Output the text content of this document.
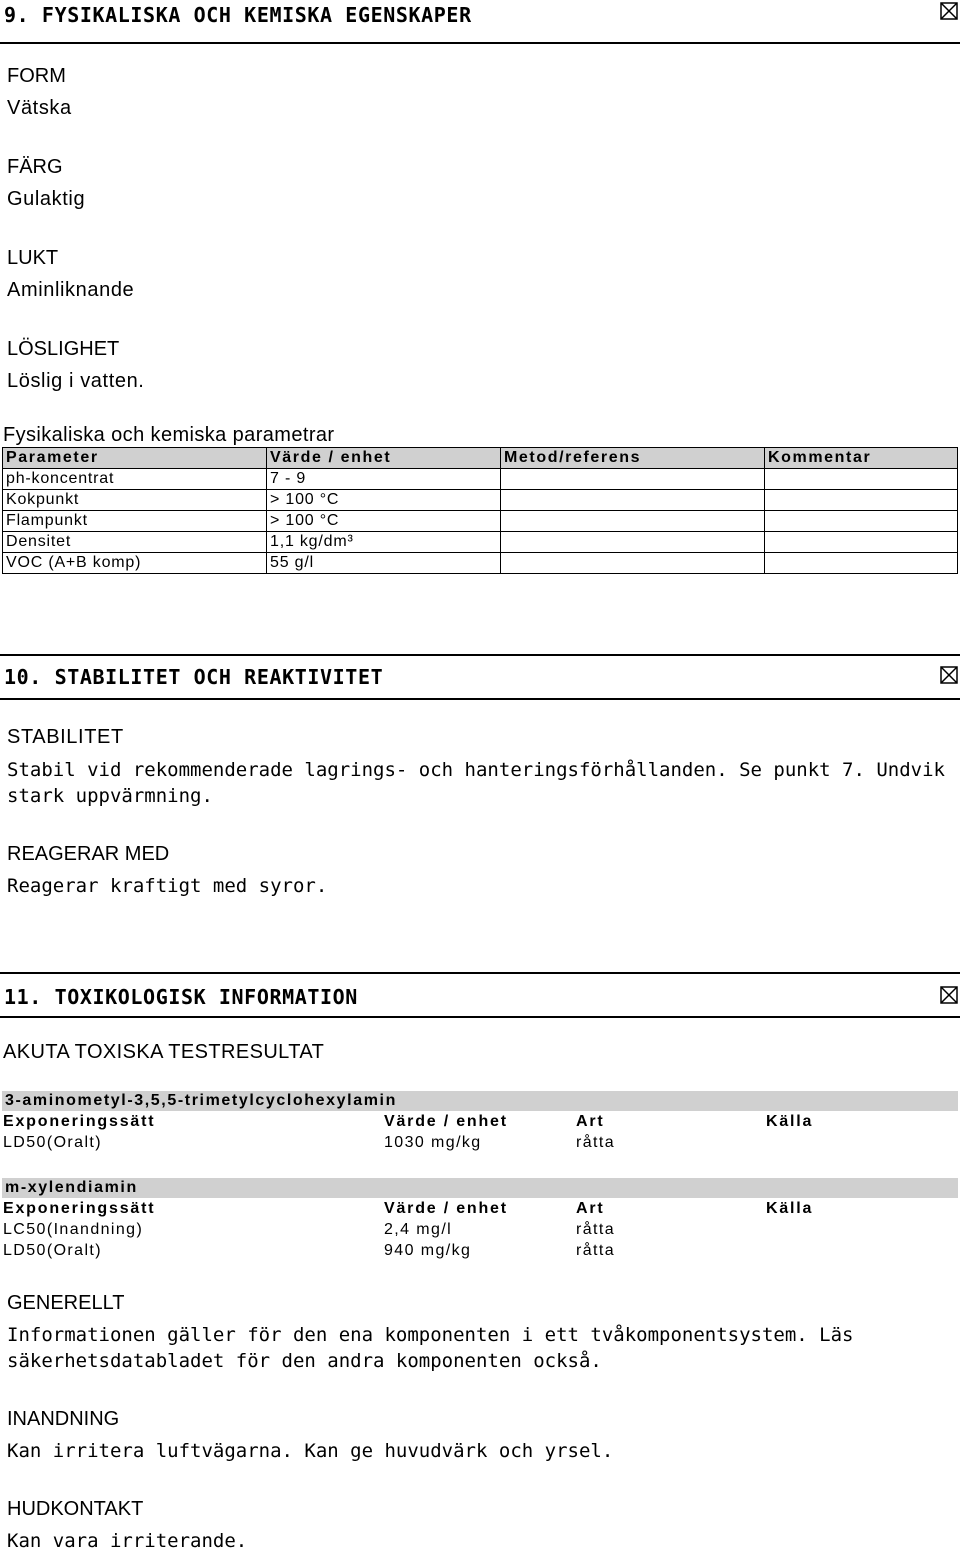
9. FYSIKALISKA OCH KEMISKA EGENSKAPER
FORM
Vätska
FÄRG
Gulaktig
LUKT
Aminliknande
LÖSLIGHET
Löslig i vatten.
Fysikaliska och kemiska parametrar
Parameter	Värde / enhet	Metod/referens	Kommentar
ph-koncentrat	7 - 9		
Kokpunkt	> 100 °C		
Flampunkt	> 100 °C		
Densitet	1,1 kg/dm³		
VOC (A+B komp)	55 g/l		
10. STABILITET OCH REAKTIVITET
STABILITET
Stabil vid rekommenderade lagrings- och hanteringsförhållanden. Se punkt 7. Undvik stark uppvärmning.
REAGERAR MED
Reagerar kraftigt med syror.
11. TOXIKOLOGISK INFORMATION
AKUTA TOXISKA TESTRESULTAT
3-aminometyl-3,5,5-trimetylcyclohexylamin
Exponeringssätt	Värde / enhet	Art	Källa
LD50(Oralt)	1030 mg/kg	råtta
m-xylendiamin
Exponeringssätt	Värde / enhet	Art	Källa
LC50(Inandning)	2,4 mg/l	råtta
LD50(Oralt)	940 mg/kg	råtta
GENERELLT
Informationen gäller för den ena komponenten i ett tvåkomponentsystem. Läs säkerhetsdatabladet för den andra komponenten också.
INANDNING
Kan irritera luftvägarna. Kan ge huvudvärk och yrsel.
HUDKONTAKT
Kan vara irriterande.
